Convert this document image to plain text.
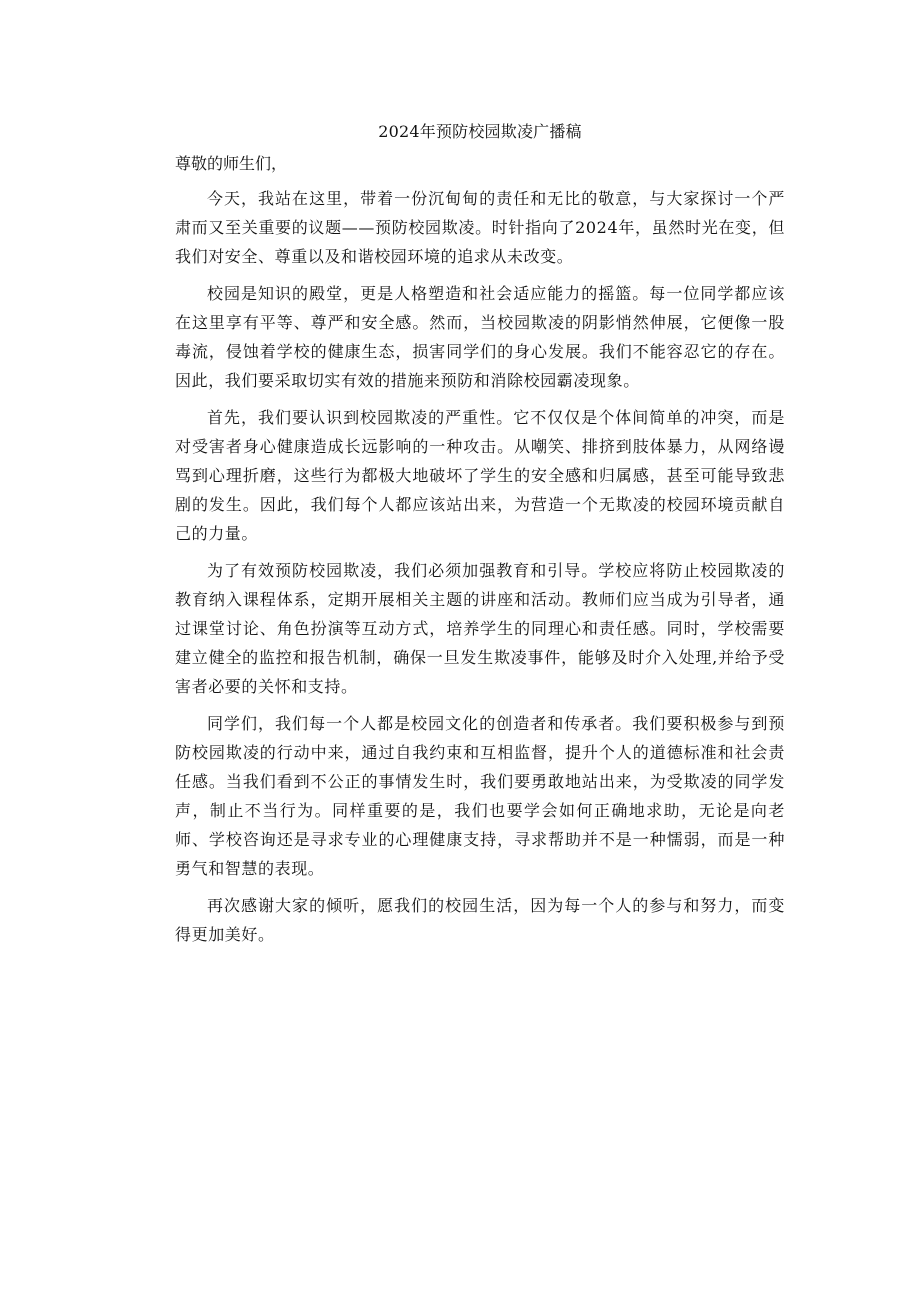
2024年预防校园欺凌广播稿
尊敬的师生们，

今天，我站在这里，带着一份沉甸甸的责任和无比的敬意，与大家探讨一个严肃而又至关重要的议题——预防校园欺凌。时针指向了2024年，虽然时光在变，但我们对安全、尊重以及和谐校园环境的追求从未改变。

校园是知识的殿堂，更是人格塑造和社会适应能力的摇篮。每一位同学都应该在这里享有平等、尊严和安全感。然而，当校园欺凌的阴影悄然伸展，它便像一股毒流，侵蚀着学校的健康生态，损害同学们的身心发展。我们不能容忍它的存在。因此，我们要采取切实有效的措施来预防和消除校园霸凌现象。

首先，我们要认识到校园欺凌的严重性。它不仅仅是个体间简单的冲突，而是对受害者身心健康造成长远影响的一种攻击。从嘲笑、排挤到肢体暴力，从网络谩骂到心理折磨，这些行为都极大地破坏了学生的安全感和归属感，甚至可能导致悲剧的发生。因此，我们每个人都应该站出来，为营造一个无欺凌的校园环境贡献自己的力量。

为了有效预防校园欺凌，我们必须加强教育和引导。学校应将防止校园欺凌的教育纳入课程体系，定期开展相关主题的讲座和活动。教师们应当成为引导者，通过课堂讨论、角色扮演等互动方式，培养学生的同理心和责任感。同时，学校需要建立健全的监控和报告机制，确保一旦发生欺凌事件，能够及时介入处理,并给予受害者必要的关怀和支持。

同学们，我们每一个人都是校园文化的创造者和传承者。我们要积极参与到预防校园欺凌的行动中来，通过自我约束和互相监督，提升个人的道德标准和社会责任感。当我们看到不公正的事情发生时，我们要勇敢地站出来，为受欺凌的同学发声，制止不当行为。同样重要的是，我们也要学会如何正确地求助，无论是向老师、学校咨询还是寻求专业的心理健康支持，寻求帮助并不是一种懦弱，而是一种勇气和智慧的表现。

再次感谢大家的倾听，愿我们的校园生活，因为每一个人的参与和努力，而变得更加美好。
